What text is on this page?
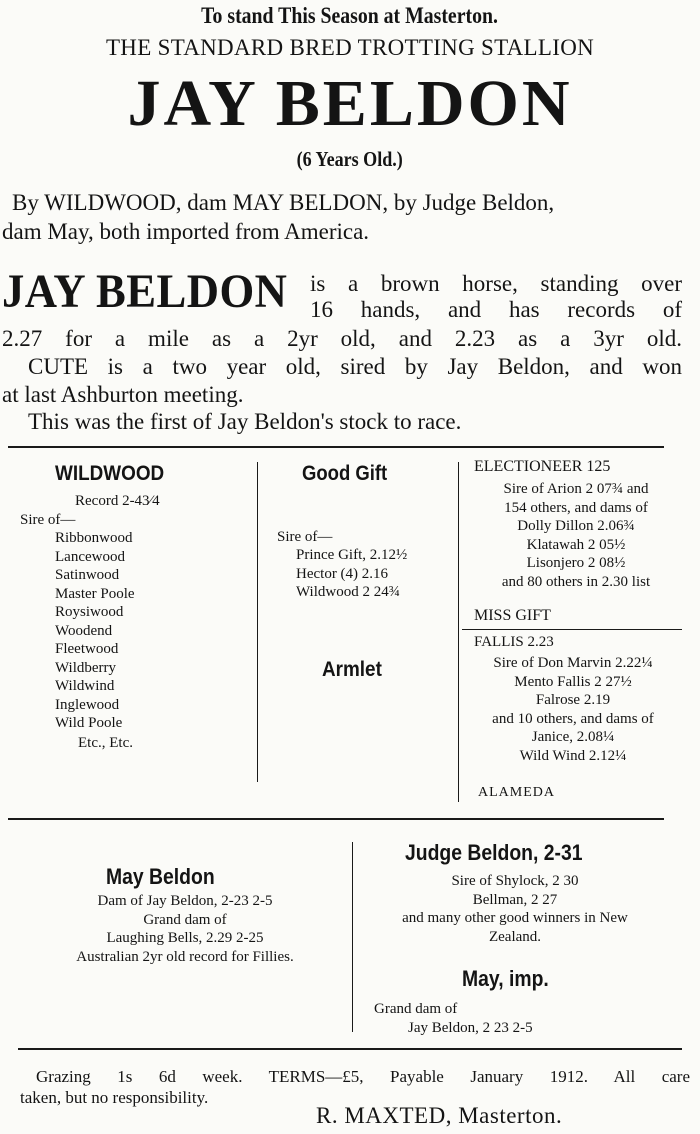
To stand This Season at Masterton.
THE STANDARD BRED TROTTING STALLION
JAY BELDON
(6 Years Old.)
By WILDWOOD, dam MAY BELDON, by Judge Beldon,
dam May, both imported from America.
JAY BELDON is a brown horse, standing over
16 hands, and has records of
2.27 for a mile as a 2yr old, and 2.23 as a 3yr old.
CUTE is a two year old, sired by Jay Beldon, and won
at last Ashburton meeting.
This was the first of Jay Beldon's stock to race.
WILDWOOD
Record 2-43⁄4
Sire of—
Ribbonwood
Lancewood
Satinwood
Master Poole
Roysiwood
Woodend
Fleetwood
Wildberry
Wildwind
Inglewood
Wild Poole
Etc., Etc.
Good Gift
Sire of—
Prince Gift, 2.12½
Hector (4) 2.16
Wildwood 2 24¾
Armlet
ELECTIONEER 125
Sire of Arion 2 07¾ and
154 others, and dams of
Dolly Dillon 2.06¾
Klatawah 2 05½
Lisonjero 2 08½
and 80 others in 2.30 list
MISS GIFT
FALLIS 2.23
Sire of Don Marvin 2.22¼
Mento Fallis 2 27½
Falrose 2.19
and 10 others, and dams of
Janice, 2.08¼
Wild Wind 2.12¼
ALAMEDA
May Beldon
Dam of Jay Beldon, 2-23 2-5
Grand dam of
Laughing Bells, 2.29 2-25
Australian 2yr old record for Fillies.
Judge Beldon, 2-31
Sire of Shylock, 2 30
Bellman, 2 27
and many other good winners in New
Zealand.
May, imp.
Grand dam of
Jay Beldon, 2 23 2-5
Grazing 1s 6d week. TERMS—£5, Payable January 1912. All care
taken, but no responsibility.
R. MAXTED, Masterton.
